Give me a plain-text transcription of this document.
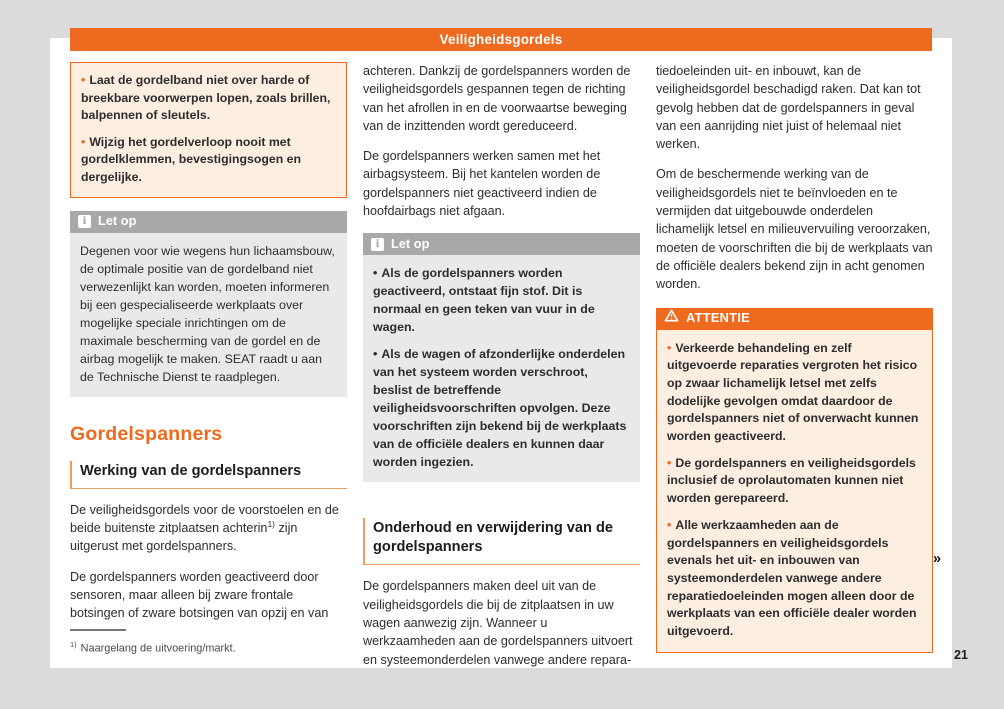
Veiligheidsgordels
• Laat de gordelband niet over harde of breekbare voorwerpen lopen, zoals brillen, balpennen of sleutels.
• Wijzig het gordelverloop nooit met gordelklemmen, bevestigingsogen en dergelijke.
i Let op
Degenen voor wie wegens hun lichaamsbouw, de optimale positie van de gordelband niet verwezenlijkt kan worden, moeten informeren bij een gespecialiseerde werkplaats over mogelijke speciale inrichtingen om de maximale bescherming van de gordel en de airbag mogelijk te maken. SEAT raadt u aan de Technische Dienst te raadplegen.
Gordelspanners
Werking van de gordelspanners
De veiligheidsgordels voor de voorstoelen en de beide buitenste zitplaatsen achterin$^{1)}$ zijn uitgerust met gordelspanners.
De gordelspanners worden geactiveerd door sensoren, maar alleen bij zware frontale botsingen of zware botsingen van opzij en van
achteren. Dankzij de gordelspanners worden de veiligheidsgordels gespannen tegen de richting van het afrollen in en de voorwaartse beweging van de inzittenden wordt gereduceerd.
De gordelspanners werken samen met het airbagsysteem. Bij het kantelen worden de gordelspanners niet geactiveerd indien de hoofdairbags niet afgaan.
i Let op
• Als de gordelspanners worden geactiveerd, ontstaat fijn stof. Dit is normaal en geen teken van vuur in de wagen.
• Als de wagen of afzonderlijke onderdelen van het systeem worden verschroot, beslist de betreffende veiligheidsvoorschriften opvolgen. Deze voorschriften zijn bekend bij de werkplaats van de officiële dealers en kunnen daar worden ingezien.
Onderhoud en verwijdering van de gordelspanners
De gordelspanners maken deel uit van de veiligheidsgordels die bij de zitplaatsen in uw wagen aanwezig zijn. Wanneer u werkzaamheden aan de gordelspanners uitvoert en systeemonderdelen vanwege andere repara-
tiedoeleinden uit- en inbouwt, kan de veiligheidsgordel beschadigd raken. Dat kan tot gevolg hebben dat de gordelspanners in geval van een aanrijding niet juist of helemaal niet werken.
Om de beschermende werking van de veiligheidsgordels niet te beïnvloeden en te vermijden dat uitgebouwde onderdelen lichamelijk letsel en milieuvervuiling veroorzaken, moeten de voorschriften die bij de werkplaats van de officiële dealers bekend zijn in acht genomen worden.
ATTENTIE
• Verkeerde behandeling en zelf uitgevoerde reparaties vergroten het risico op zwaar lichamelijk letsel met zelfs dodelijke gevolgen omdat daardoor de gordelspanners niet of onverwacht kunnen worden geactiveerd.
• De gordelspanners en veiligheidsgordels inclusief de oprolautomaten kunnen niet worden gerepareerd.
• Alle werkzaamheden aan de gordelspanners en veiligheidsgordels evenals het uit- en inbouwen van systeemonderdelen vanwege andere reparatiedoeleinden mogen alleen door de werkplaats van een officiële dealer worden uitgevoerd.
$^{1)}$ Naargelang de uitvoering/markt.
»
21
